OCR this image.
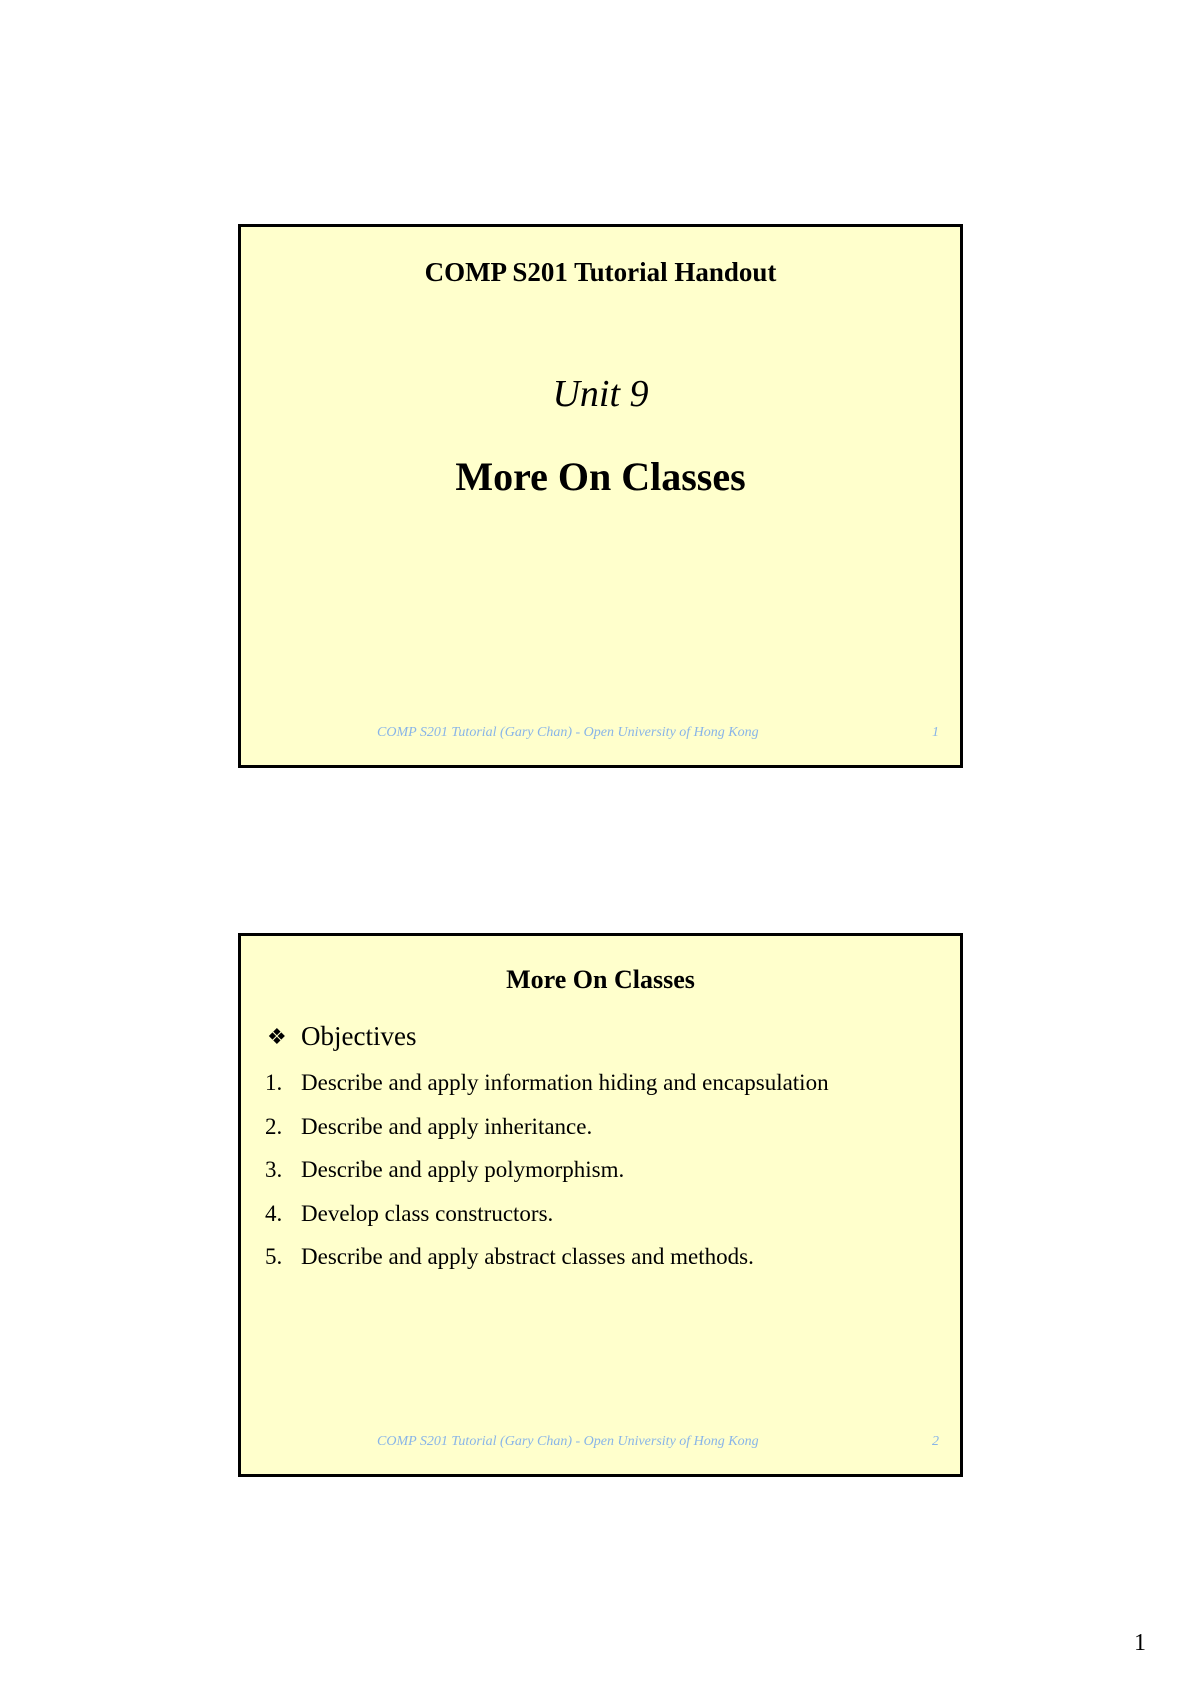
COMP S201 Tutorial Handout
Unit 9
More On Classes
COMP S201 Tutorial (Gary Chan) - Open University of Hong Kong	1
More On Classes
❖ Objectives
1. Describe and apply information hiding and encapsulation
2. Describe and apply inheritance.
3. Describe and apply polymorphism.
4. Develop class constructors.
5. Describe and apply abstract classes and methods.
COMP S201 Tutorial (Gary Chan) - Open University of Hong Kong	2
1
